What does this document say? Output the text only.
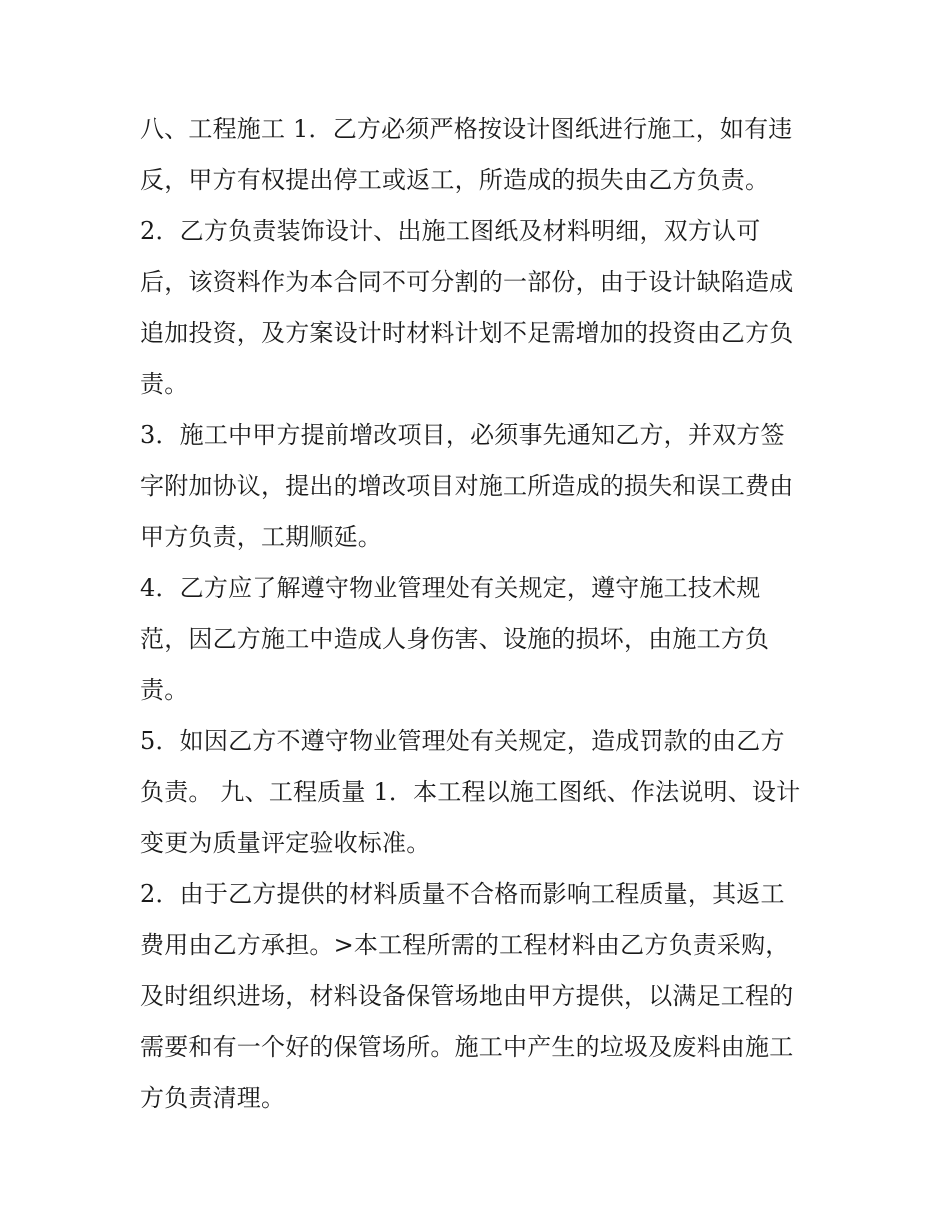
八、工程施工 1．乙方必须严格按设计图纸进行施工，如有违
反，甲方有权提出停工或返工，所造成的损失由乙方负责。
2．乙方负责装饰设计、出施工图纸及材料明细，双方认可
后，该资料作为本合同不可分割的一部份，由于设计缺陷造成
追加投资，及方案设计时材料计划不足需增加的投资由乙方负
责。
3．施工中甲方提前增改项目，必须事先通知乙方，并双方签
字附加协议，提出的增改项目对施工所造成的损失和误工费由
甲方负责，工期顺延。
4．乙方应了解遵守物业管理处有关规定，遵守施工技术规
范，因乙方施工中造成人身伤害、设施的损坏，由施工方负
责。
5．如因乙方不遵守物业管理处有关规定，造成罚款的由乙方
负责。 九、工程质量 1．本工程以施工图纸、作法说明、设计
变更为质量评定验收标准。
2．由于乙方提供的材料质量不合格而影响工程质量，其返工
费用由乙方承担。>本工程所需的工程材料由乙方负责采购，
及时组织进场，材料设备保管场地由甲方提供，以满足工程的
需要和有一个好的保管场所。施工中产生的垃圾及废料由施工
方负责清理。
